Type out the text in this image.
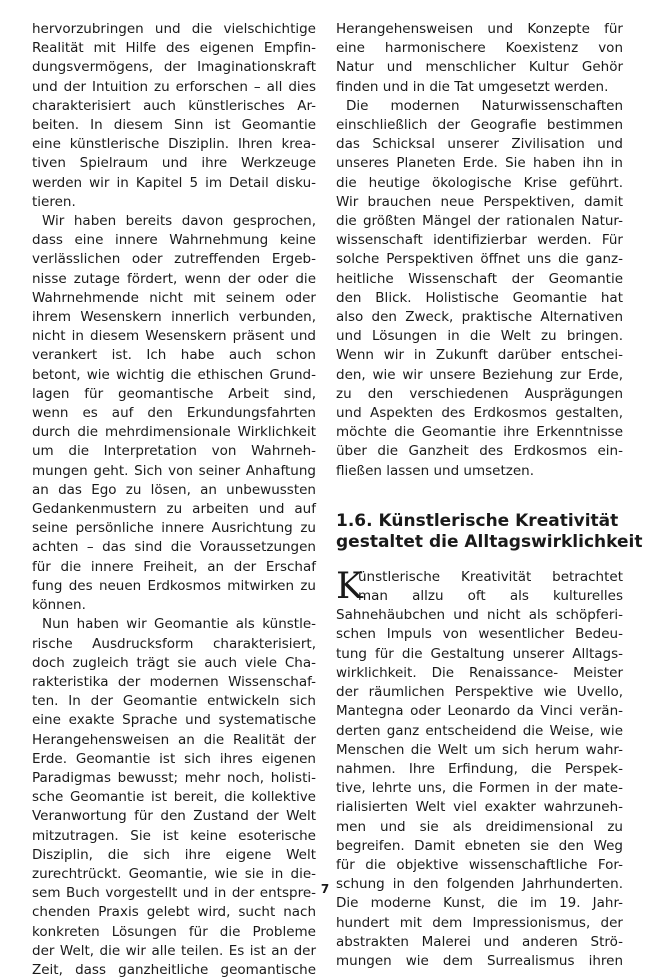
hervorzubringen und die vielschichtige
Realität mit Hilfe des eigenen Empfin-
dungsvermögens, der Imaginationskraft
und der Intuition zu erforschen – all dies
charakterisiert auch künstlerisches Ar-
beiten. In diesem Sinn ist Geomantie
eine künstlerische Disziplin. Ihren krea-
tiven Spielraum und ihre Werkzeuge
werden wir in Kapitel 5 im Detail disku-
tieren.

Wir haben bereits davon gesprochen,
dass eine innere Wahrnehmung keine
verlässlichen oder zutreffenden Ergeb-
nisse zutage fördert, wenn der oder die
Wahrnehmende nicht mit seinem oder
ihrem Wesenskern innerlich verbunden,
nicht in diesem Wesenskern präsent und
verankert ist. Ich habe auch schon
betont, wie wichtig die ethischen Grund-
lagen für geomantische Arbeit sind,
wenn es auf den Erkundungsfahrten
durch die mehrdimensionale Wirklichkeit
um die Interpretation von Wahrneh-
mungen geht. Sich von seiner Anhaftung
an das Ego zu lösen, an unbewussten
Gedankenmustern zu arbeiten und auf
seine persönliche innere Ausrichtung zu
achten – das sind die Voraussetzungen
für die innere Freiheit, an der Erschaf
fung des neuen Erdkosmos mitwirken zu
können.

Nun haben wir Geomantie als künstle-
rische Ausdrucksform charakterisiert,
doch zugleich trägt sie auch viele Cha-
rakteristika der modernen Wissenschaf-
ten. In der Geomantie entwickeln sich
eine exakte Sprache und systematische
Herangehensweisen an die Realität der
Erde. Geomantie ist sich ihres eigenen
Paradigmas bewusst; mehr noch, holisti-
sche Geomantie ist bereit, die kollektive
Veranwortung für den Zustand der Welt
mitzutragen. Sie ist keine esoterische
Disziplin, die sich ihre eigene Welt
zurechtrückt. Geomantie, wie sie in die-
sem Buch vorgestellt und in der entspre-
chenden Praxis gelebt wird, sucht nach
konkreten Lösungen für die Probleme
der Welt, die wir alle teilen. Es ist an der
Zeit, dass ganzheitliche geomantische

Herangehensweisen und Konzepte für
eine harmonischere Koexistenz von
Natur und menschlicher Kultur Gehör
finden und in die Tat umgesetzt werden.

Die modernen Naturwissenschaften
einschließlich der Geografie bestimmen
das Schicksal unserer Zivilisation und
unseres Planeten Erde. Sie haben ihn in
die heutige ökologische Krise geführt.
Wir brauchen neue Perspektiven, damit
die größten Mängel der rationalen Natur-
wissenschaft identifizierbar werden. Für
solche Perspektiven öffnet uns die ganz-
heitliche Wissenschaft der Geomantie
den Blick. Holistische Geomantie hat
also den Zweck, praktische Alternativen
und Lösungen in die Welt zu bringen.
Wenn wir in Zukunft darüber entschei-
den, wie wir unsere Beziehung zur Erde,
zu den verschiedenen Ausprägungen
und Aspekten des Erdkosmos gestalten,
möchte die Geomantie ihre Erkenntnisse
über die Ganzheit des Erdkosmos ein-
fließen lassen und umsetzen.

1.6. Künstlerische Kreativität
gestaltet die Alltagswirklichkeit
K

ünstlerische Kreativität betrachtet
man allzu oft als kulturelles

Sahnehäubchen und nicht als schöpferi-
schen Impuls von wesentlicher Bedeu-
tung für die Gestaltung unserer Alltags-
wirklichkeit. Die Renaissance- Meister
der räumlichen Perspektive wie Uvello,
Mantegna oder Leonardo da Vinci verän-
derten ganz entscheidend die Weise, wie
Menschen die Welt um sich herum wahr-
nahmen. Ihre Erfindung, die Perspek-
tive, lehrte uns, die Formen in der mate-
rialisierten Welt viel exakter wahrzuneh-
men und sie als dreidimensional zu
begreifen. Damit ebneten sie den Weg
für die objektive wissenschaftliche For-
schung in den folgenden Jahrhunderten.
Die moderne Kunst, die im 19. Jahr-
hundert mit dem Impressionismus, der
abstrakten Malerei und anderen Strö-
mungen wie dem Surrealismus ihren

7
